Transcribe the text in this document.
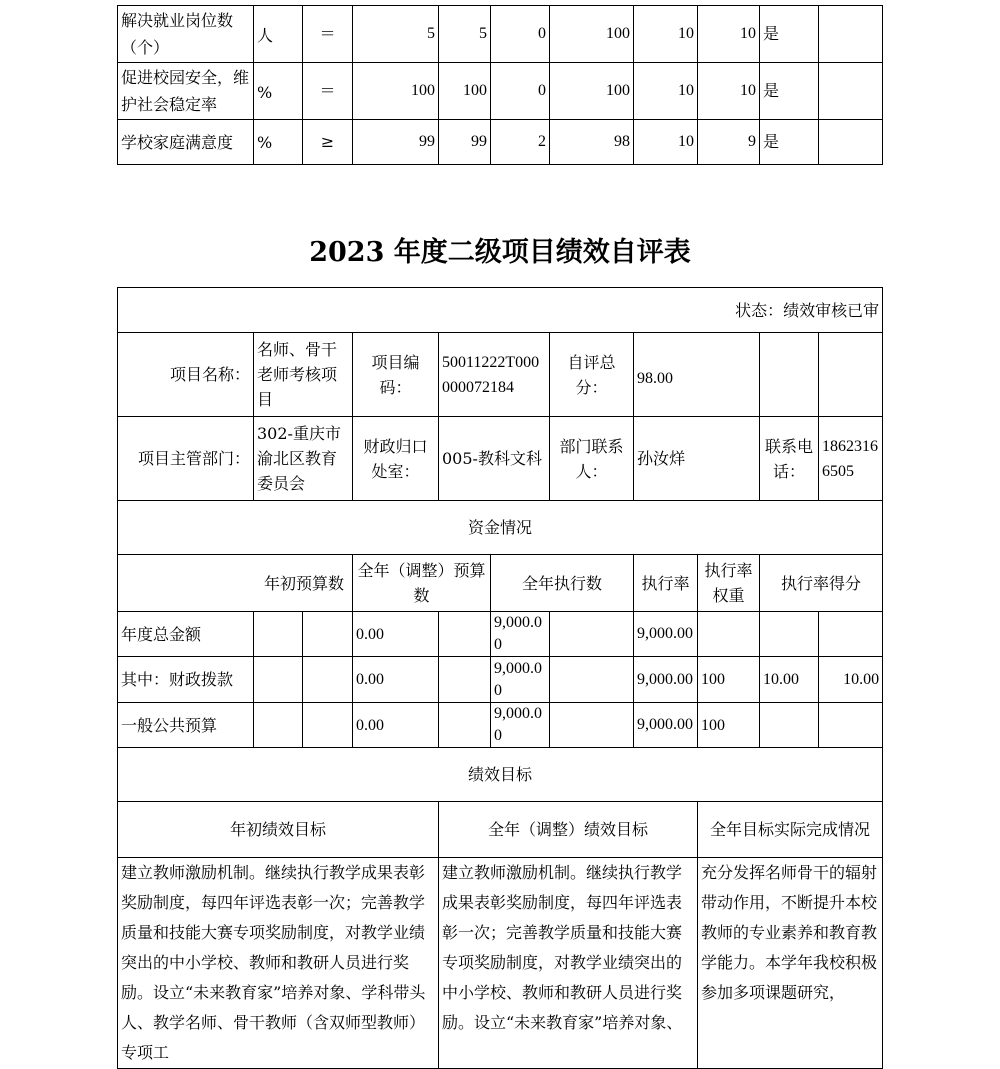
解决就业岗位数（个）	人	＝	5	5	0	100	10	10	是	
促进校园安全，维护社会稳定率	%	＝	100	100	0	100	10	10	是	
学校家庭满意度	%	≥	99	99	2	98	10	9	是	
2023 年度二级项目绩效自评表
状态：绩效审核已审										
项目名称：	名师、骨干老师考核项目		项目编码：	50011222T000000072184		自评总分：	98.00			
项目主管部门：	302-重庆市渝北区教育委员会		财政归口处室：	005-教科文科		部门联系人：	孙汝烊		联系电话：	18623166505
资金情况										
年初预算数			全年（调整）预算数		全年执行数		执行率	执行率权重	执行率得分	
年度总金额			0.00		9,000.00		9,000.00			
其中：财政拨款			0.00		9,000.00		9,000.00	100	10.00	10.00
一般公共预算			0.00		9,000.00		9,000.00	100		
绩效目标										
年初绩效目标				全年（调整）绩效目标				全年目标实际完成情况		
建立教师激励机制。继续执行教学成果表彰奖励制度，每四年评选表彰一次；完善教学质量和技能大赛专项奖励制度，对教学业绩突出的中小学校、教师和教研人员进行奖励。设立“未来教育家”培养对象、学科带头人、教学名师、骨干教师（含双师型教师）专项工				建立教师激励机制。继续执行教学成果表彰奖励制度，每四年评选表彰一次；完善教学质量和技能大赛专项奖励制度，对教学业绩突出的中小学校、教师和教研人员进行奖励。设立“未来教育家”培养对象、				充分发挥名师骨干的辐射带动作用，不断提升本校教师的专业素养和教育教学能力。本学年我校积极参加多项课题研究，		
